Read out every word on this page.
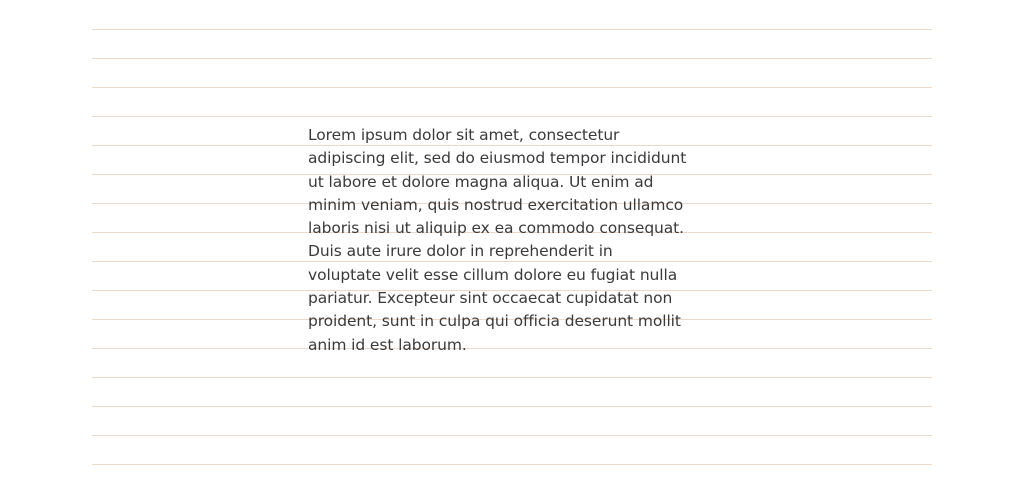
Lorem ipsum dolor sit amet, consectetur
adipiscing elit, sed do eiusmod tempor incididunt
ut labore et dolore magna aliqua. Ut enim ad
minim veniam, quis nostrud exercitation ullamco
laboris nisi ut aliquip ex ea commodo consequat.
Duis aute irure dolor in reprehenderit in
voluptate velit esse cillum dolore eu fugiat nulla
pariatur. Excepteur sint occaecat cupidatat non
proident, sunt in culpa qui officia deserunt mollit
anim id est laborum.
